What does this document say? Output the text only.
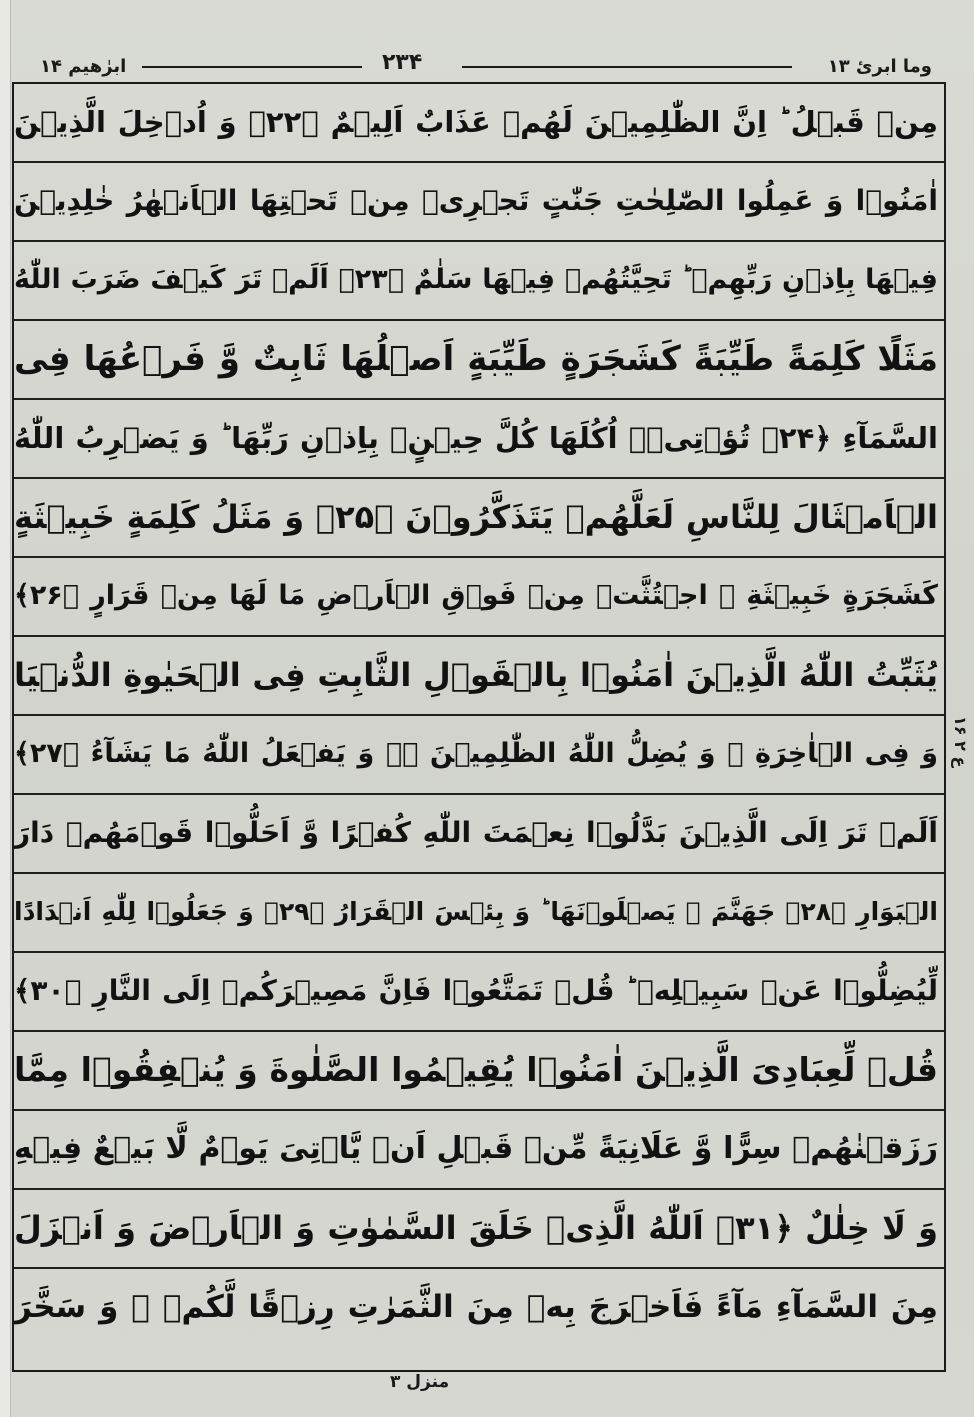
ابرٰهیم ۱۴	۲۳۴	وما ابرئ ۱۳
مِنۡ قَبۡلُ ؕ اِنَّ الظّٰلِمِیۡنَ لَهُمۡ عَذَابٌ اَلِیۡمٌ ﴿۲۲﴾ وَ اُدۡخِلَ الَّذِیۡنَ
اٰمَنُوۡا وَ عَمِلُوا الصّٰلِحٰتِ جَنّٰتٍ تَجۡرِیۡ مِنۡ تَحۡتِهَا الۡاَنۡهٰرُ خٰلِدِیۡنَ
فِیۡهَا بِاِذۡنِ رَبِّهِمۡ ؕ تَحِیَّتُهُمۡ فِیۡهَا سَلٰمٌ ﴿۲۳﴾ اَلَمۡ تَرَ كَیۡفَ ضَرَبَ اللّٰهُ
مَثَلًا كَلِمَةً طَیِّبَةً كَشَجَرَةٍ طَیِّبَةٍ اَصۡلُهَا ثَابِتٌ وَّ فَرۡعُهَا فِی
السَّمَآءِ ﴿۲۴﴾ تُؤۡتِیۡۤ اُكُلَهَا كُلَّ حِیۡنٍۭ بِاِذۡنِ رَبِّهَا ؕ وَ یَضۡرِبُ اللّٰهُ
الۡاَمۡثَالَ لِلنَّاسِ لَعَلَّهُمۡ یَتَذَكَّرُوۡنَ ﴿۲۵﴾ وَ مَثَلُ كَلِمَةٍ خَبِیۡثَةٍ
كَشَجَرَةٍ خَبِیۡثَةِ ۣ اجۡتُثَّتۡ مِنۡ فَوۡقِ الۡاَرۡضِ مَا لَهَا مِنۡ قَرَارٍ ﴿۲۶﴾
یُثَبِّتُ اللّٰهُ الَّذِیۡنَ اٰمَنُوۡا بِالۡقَوۡلِ الثَّابِتِ فِی الۡحَیٰوةِ الدُّنۡیَا
وَ فِی الۡاٰخِرَةِ ۚ وَ یُضِلُّ اللّٰهُ الظّٰلِمِیۡنَ ۟ۙ وَ یَفۡعَلُ اللّٰهُ مَا یَشَآءُ ﴿۲۷﴾
اَلَمۡ تَرَ اِلَی الَّذِیۡنَ بَدَّلُوۡا نِعۡمَتَ اللّٰهِ كُفۡرًا وَّ اَحَلُّوۡا قَوۡمَهُمۡ دَارَ
الۡبَوَارِ ﴿۲۸﴾ جَهَنَّمَ ۚ یَصۡلَوۡنَهَا ؕ وَ بِئۡسَ الۡقَرَارُ ﴿۲۹﴾ وَ جَعَلُوۡا لِلّٰهِ اَنۡدَادًا
لِّیُضِلُّوۡا عَنۡ سَبِیۡلِهٖ ؕ قُلۡ تَمَتَّعُوۡا فَاِنَّ مَصِیۡرَكُمۡ اِلَی النَّارِ ﴿۳۰﴾
قُلۡ لِّعِبَادِیَ الَّذِیۡنَ اٰمَنُوۡا یُقِیۡمُوا الصَّلٰوةَ وَ یُنۡفِقُوۡا مِمَّا
رَزَقۡنٰهُمۡ سِرًّا وَّ عَلَانِیَةً مِّنۡ قَبۡلِ اَنۡ یَّاۡتِیَ یَوۡمٌ لَّا بَیۡعٌ فِیۡهِ
وَ لَا خِلٰلٌ ﴿۳۱﴾ اَللّٰهُ الَّذِیۡ خَلَقَ السَّمٰوٰتِ وَ الۡاَرۡضَ وَ اَنۡزَلَ
مِنَ السَّمَآءِ مَآءً فَاَخۡرَجَ بِهٖ مِنَ الثَّمَرٰتِ رِزۡقًا لَّكُمۡ ۚ وَ سَخَّرَ
ع ۲ ۱۶
منزل ۳
